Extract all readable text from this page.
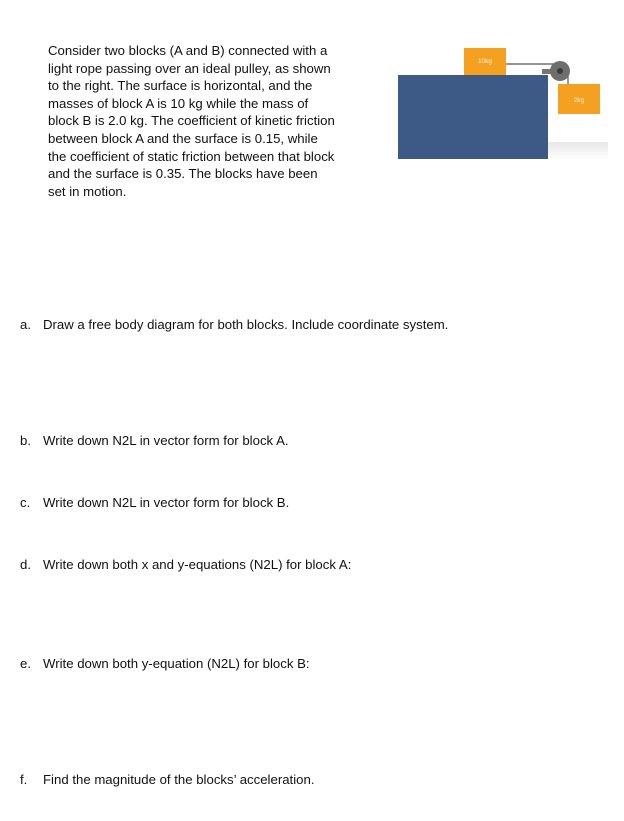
Consider two blocks (A and B) connected with a
light rope passing over an ideal pulley, as shown
to the right. The surface is horizontal, and the
masses of block A is 10 kg while the mass of
block B is 2.0 kg. The coefficient of kinetic friction
between block A and the surface is 0.15, while
the coefficient of static friction between that block
and the surface is 0.35. The blocks have been
set in motion.

10kg
2kg
a. Draw a free body diagram for both blocks. Include coordinate system.
b. Write down N2L in vector form for block A.
c. Write down N2L in vector form for block B.
d. Write down both x and y-equations (N2L) for block A:
e. Write down both y-equation (N2L) for block B:
f. Find the magnitude of the blocks’ acceleration.
